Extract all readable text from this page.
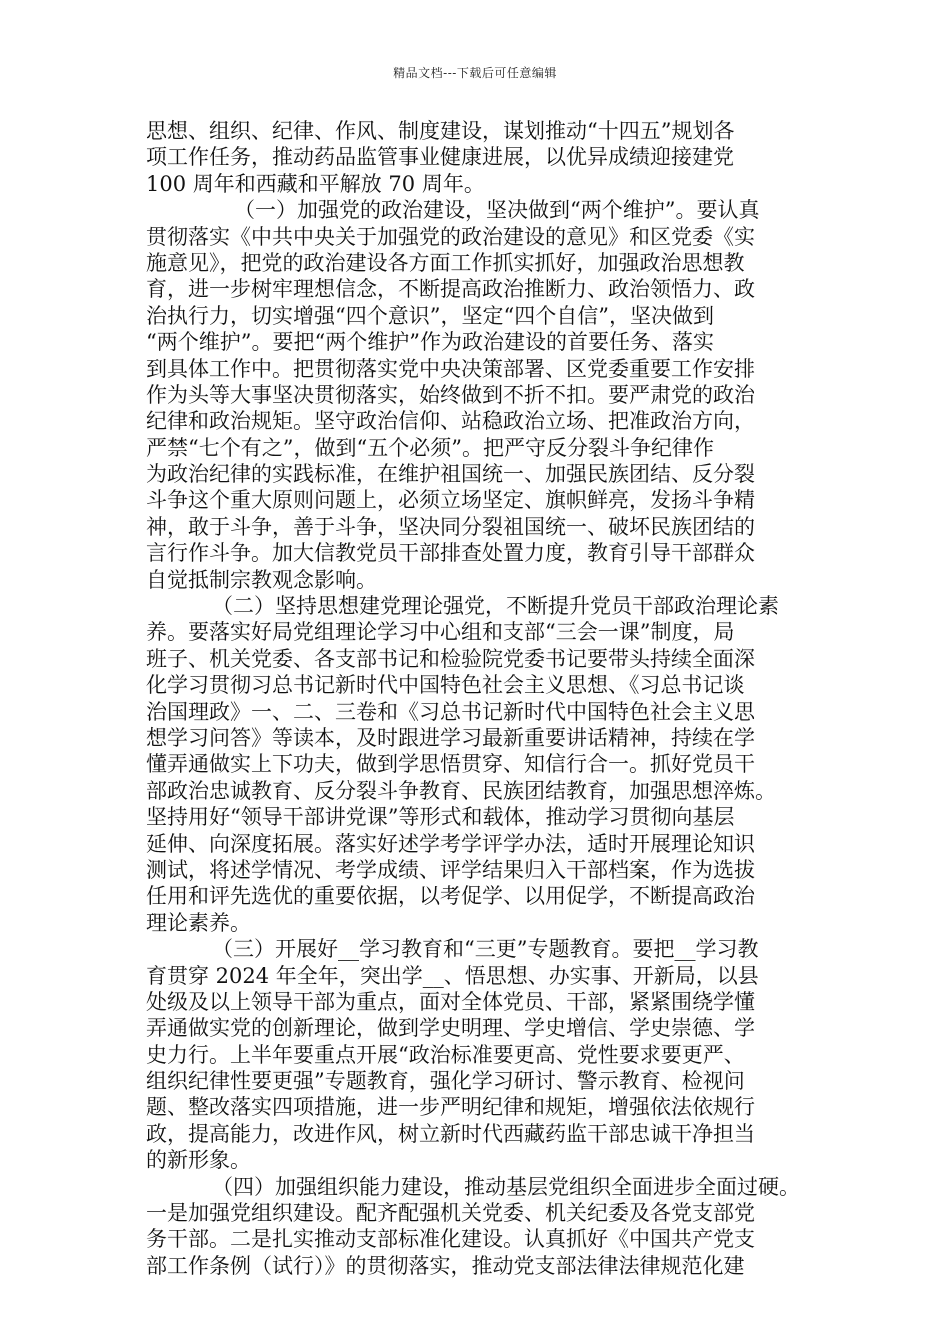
精品文档---下载后可任意编辑
思想、组织、纪律、作风、制度建设，谋划推动“十四五”规划各
项工作任务，推动药品监管事业健康进展，以优异成绩迎接建党
100 周年和西藏和平解放 70 周年。
（一）加强党的政治建设，坚决做到“两个维护”。要认真
贯彻落实《中共中央关于加强党的政治建设的意见》和区党委《实
施意见》，把党的政治建设各方面工作抓实抓好，加强政治思想教
育，进一步树牢理想信念，不断提高政治推断力、政治领悟力、政
治执行力，切实增强“四个意识”，坚定“四个自信”，坚决做到
“两个维护”。要把“两个维护”作为政治建设的首要任务、落实
到具体工作中。把贯彻落实党中央决策部署、区党委重要工作安排
作为头等大事坚决贯彻落实，始终做到不折不扣。要严肃党的政治
纪律和政治规矩。坚守政治信仰、站稳政治立场、把准政治方向，
严禁“七个有之”，做到“五个必须”。把严守反分裂斗争纪律作
为政治纪律的实践标准，在维护祖国统一、加强民族团结、反分裂
斗争这个重大原则问题上，必须立场坚定、旗帜鲜亮，发扬斗争精
神，敢于斗争，善于斗争，坚决同分裂祖国统一、破坏民族团结的
言行作斗争。加大信教党员干部排查处置力度，教育引导干部群众
自觉抵制宗教观念影响。
（二）坚持思想建党理论强党，不断提升党员干部政治理论素
养。要落实好局党组理论学习中心组和支部“三会一课”制度，局
班子、机关党委、各支部书记和检验院党委书记要带头持续全面深
化学习贯彻习总书记新时代中国特色社会主义思想、《习总书记谈
治国理政》一、二、三卷和《习总书记新时代中国特色社会主义思
想学习问答》等读本，及时跟进学习最新重要讲话精神，持续在学
懂弄通做实上下功夫，做到学思悟贯穿、知信行合一。抓好党员干
部政治忠诚教育、反分裂斗争教育、民族团结教育，加强思想淬炼。
坚持用好“领导干部讲党课”等形式和载体，推动学习贯彻向基层
延伸、向深度拓展。落实好述学考学评学办法，适时开展理论知识
测试，将述学情况、考学成绩、评学结果归入干部档案，作为选拔
任用和评先选优的重要依据，以考促学、以用促学，不断提高政治
理论素养。
（三）开展好__学习教育和“三更”专题教育。要把__学习教
育贯穿 2024 年全年，突出学__、悟思想、办实事、开新局，以县
处级及以上领导干部为重点，面对全体党员、干部，紧紧围绕学懂
弄通做实党的创新理论，做到学史明理、学史增信、学史崇德、学
史力行。上半年要重点开展“政治标准要更高、党性要求要更严、
组织纪律性要更强”专题教育，强化学习研讨、警示教育、检视问
题、整改落实四项措施，进一步严明纪律和规矩，增强依法依规行
政，提高能力，改进作风，树立新时代西藏药监干部忠诚干净担当
的新形象。
（四）加强组织能力建设，推动基层党组织全面进步全面过硬。
一是加强党组织建设。配齐配强机关党委、机关纪委及各党支部党
务干部。二是扎实推动支部标准化建设。认真抓好《中国共产党支
部工作条例（试行）》的贯彻落实，推动党支部法律法律规范化建
